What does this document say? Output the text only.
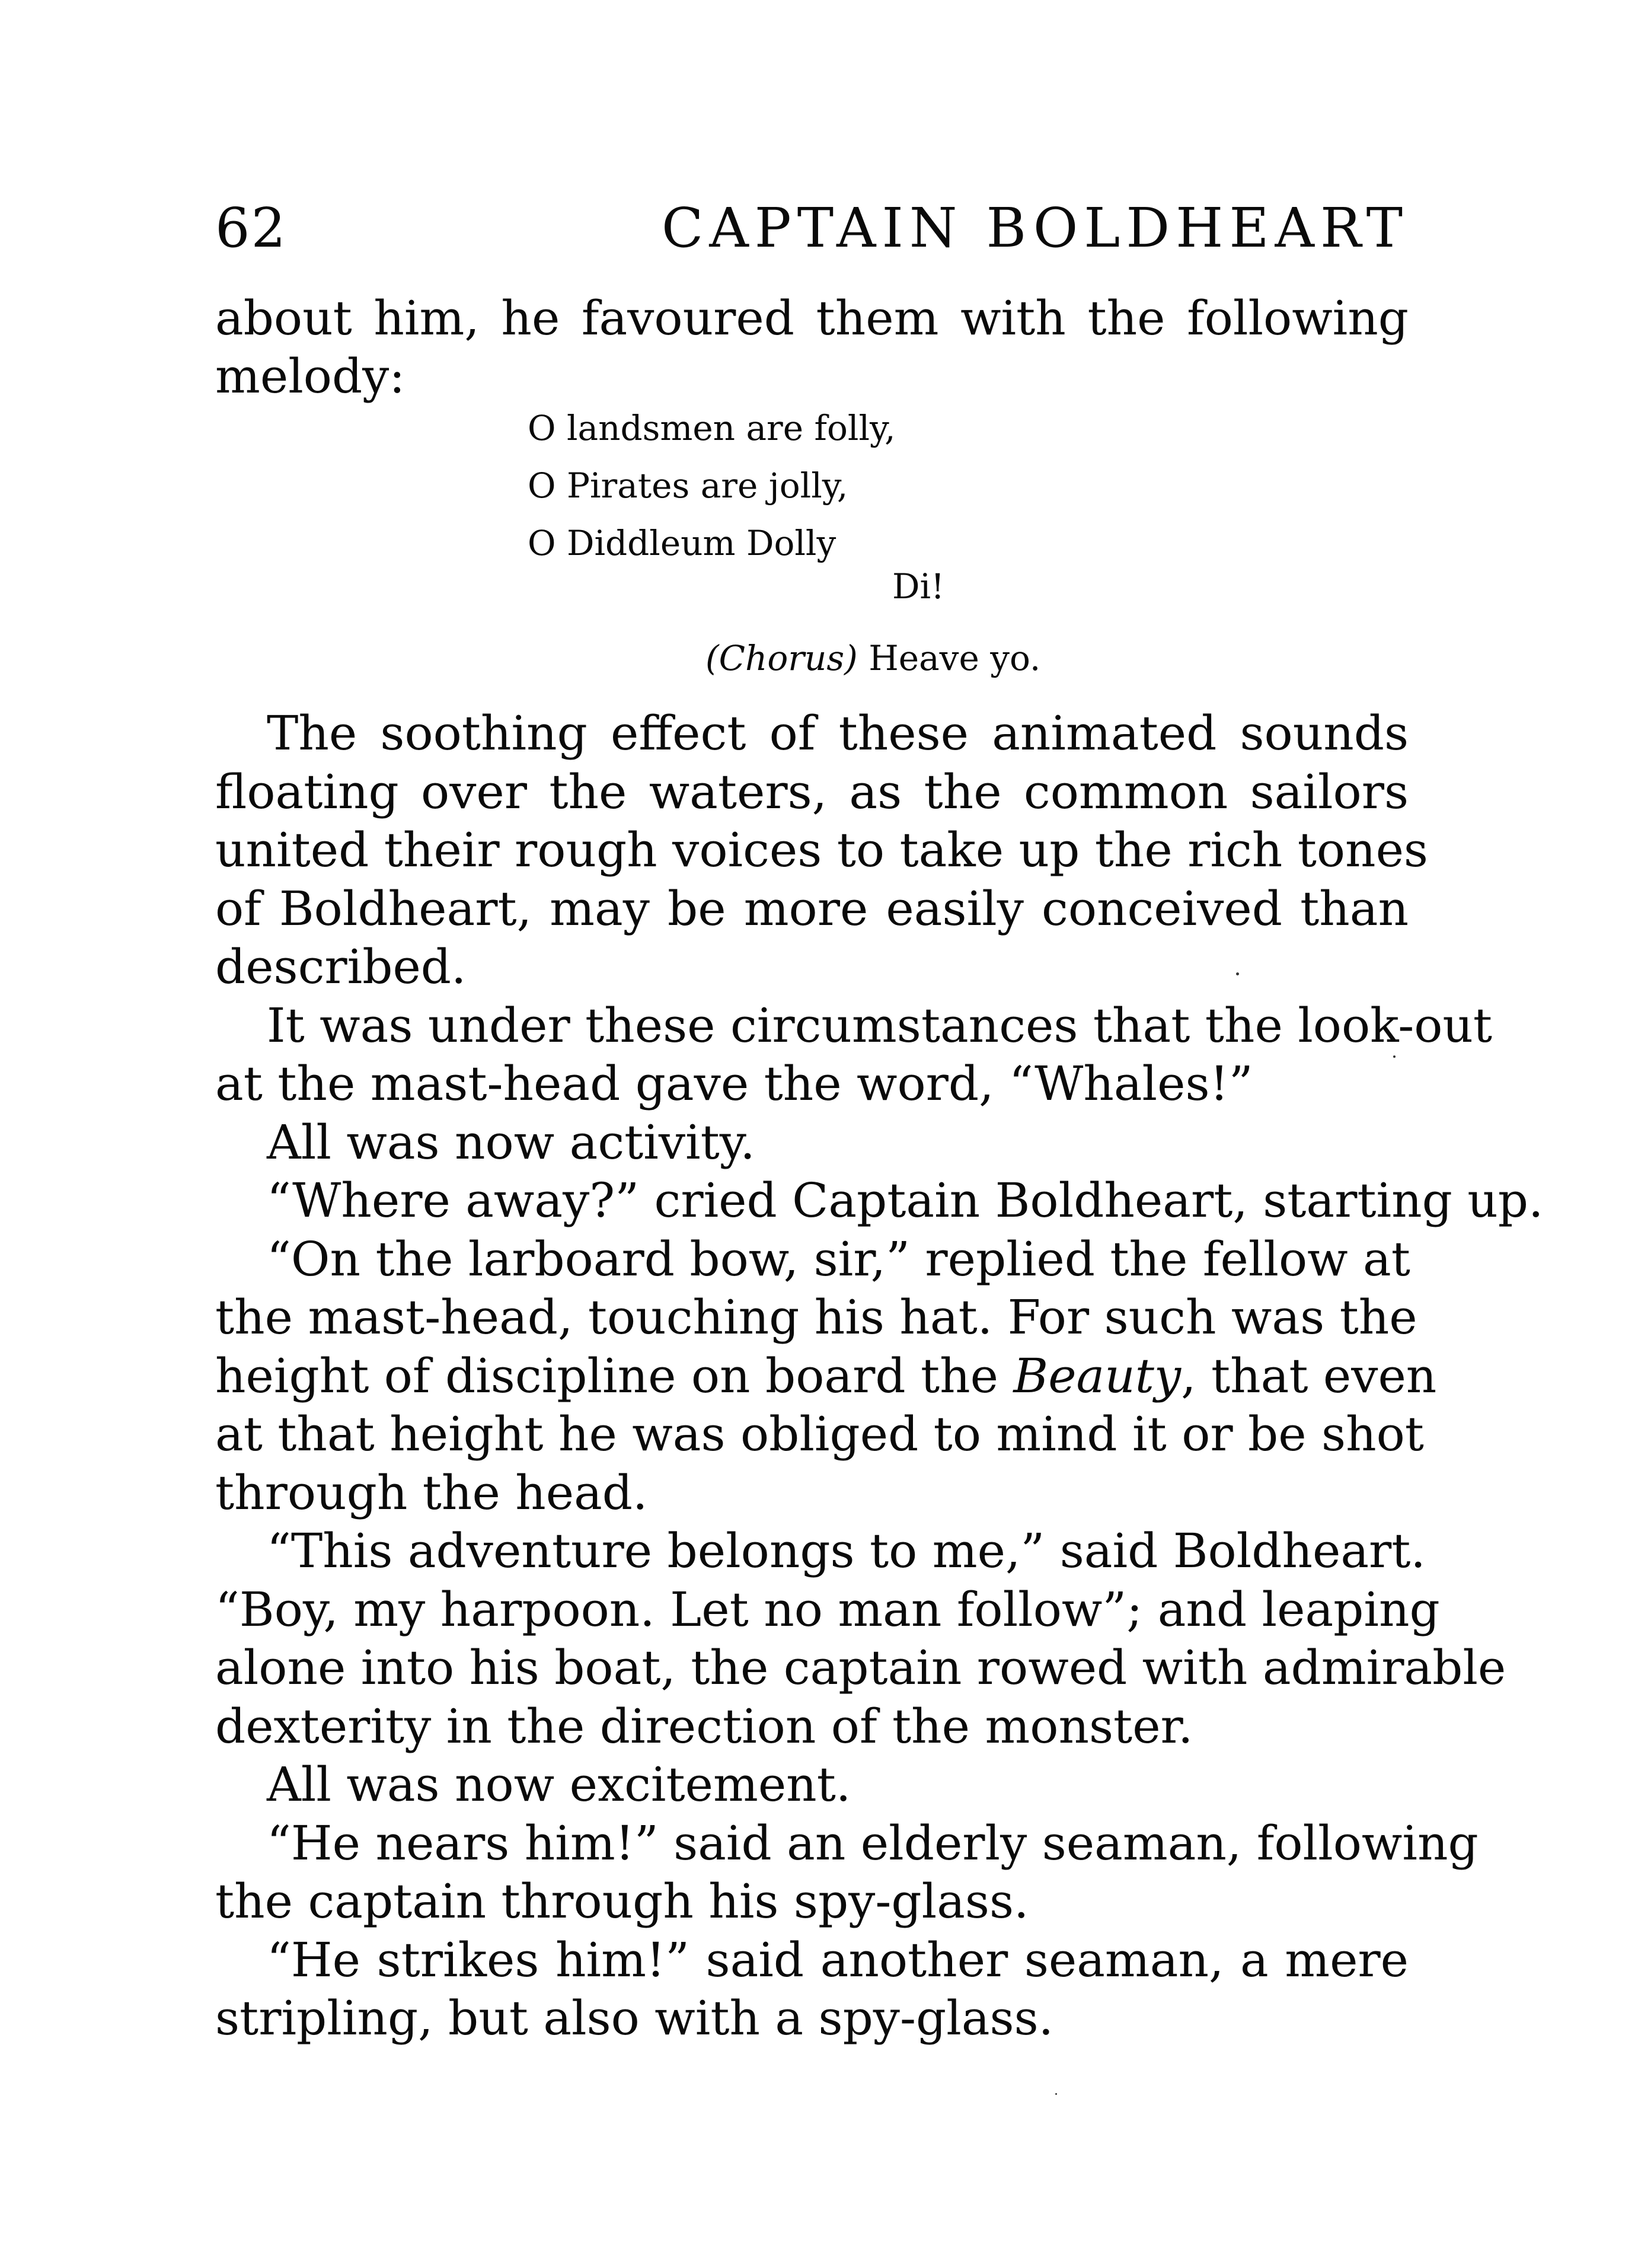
62	CAPTAIN BOLDHEART
about him, he favoured them with the following
melody:
O landsmen are folly,
O Pirates are jolly,
O Diddleum Dolly
Di!
(Chorus) Heave yo.
The soothing effect of these animated sounds
floating over the waters, as the common sailors
united their rough voices to take up the rich tones
of Boldheart, may be more easily conceived than
described.
It was under these circumstances that the look-out
at the mast-head gave the word, “Whales!”
All was now activity.
“Where away?” cried Captain Boldheart, starting up.
“On the larboard bow, sir,” replied the fellow at
the mast-head, touching his hat. For such was the
height of discipline on board the Beauty, that even
at that height he was obliged to mind it or be shot
through the head.
“This adventure belongs to me,” said Boldheart.
“Boy, my harpoon. Let no man follow”; and leaping
alone into his boat, the captain rowed with admirable
dexterity in the direction of the monster.
All was now excitement.
“He nears him!” said an elderly seaman, following
the captain through his spy-glass.
“He strikes him!” said another seaman, a mere
stripling, but also with a spy-glass.
